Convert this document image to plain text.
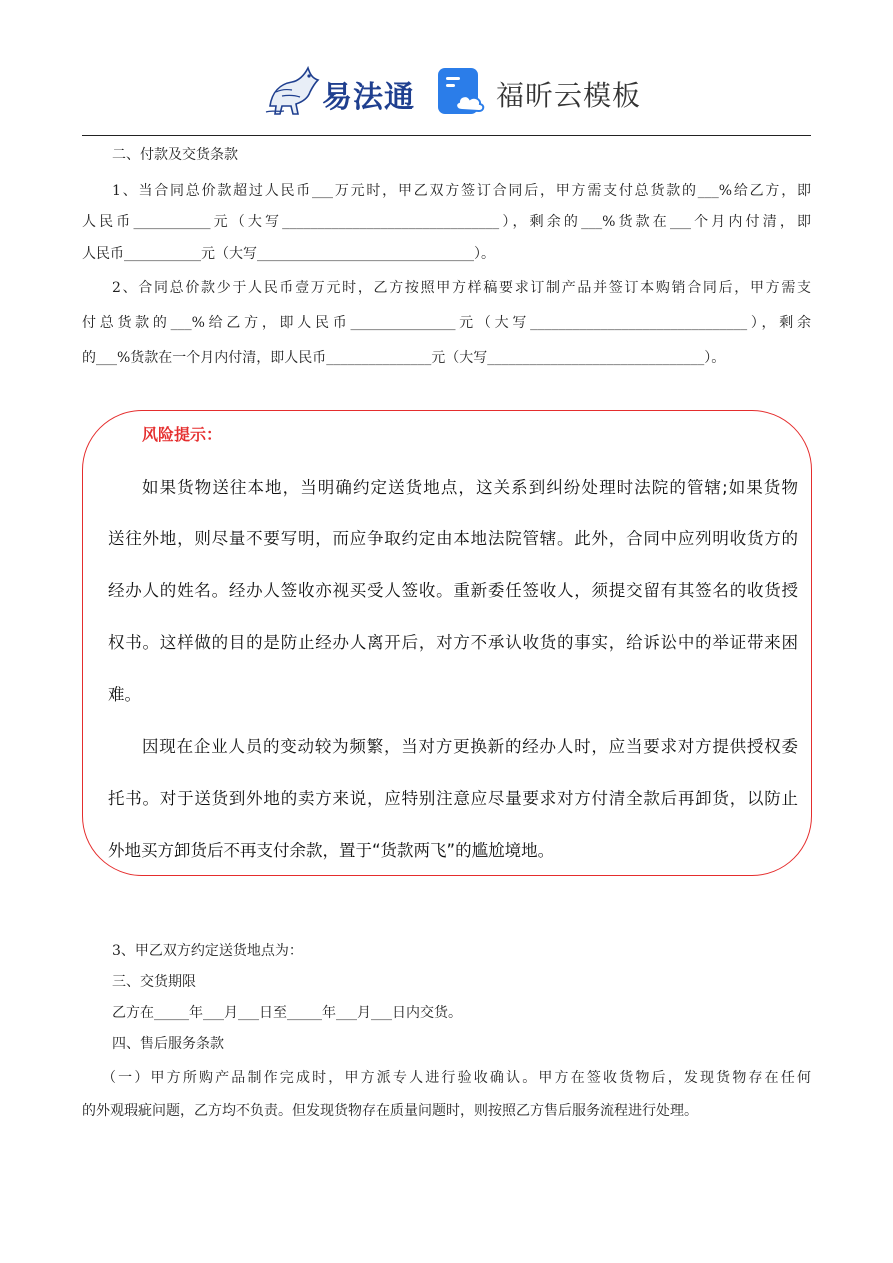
易法通	福昕云模板
二、付款及交货条款
1、当合同总价款超过人民币___万元时，甲乙双方签订合同后，甲方需支付总货款的___%给乙方，即
人民币___________元（大写_______________________________），剩余的___%货款在___个月内付清，即
人民币___________元（大写_______________________________）。
2、合同总价款少于人民币壹万元时，乙方按照甲方样稿要求订制产品并签订本购销合同后，甲方需支
付总货款的___%给乙方，即人民币_______________元（大写_______________________________），剩余
的___%货款在一个月内付清，即人民币_______________元（大写_______________________________）。
风险提示：
如果货物送往本地，当明确约定送货地点，这关系到纠纷处理时法院的管辖;如果货物
送往外地，则尽量不要写明，而应争取约定由本地法院管辖。此外，合同中应列明收货方的
经办人的姓名。经办人签收亦视买受人签收。重新委任签收人，须提交留有其签名的收货授
权书。这样做的目的是防止经办人离开后，对方不承认收货的事实，给诉讼中的举证带来困
难。
因现在企业人员的变动较为频繁，当对方更换新的经办人时，应当要求对方提供授权委
托书。对于送货到外地的卖方来说，应特别注意应尽量要求对方付清全款后再卸货，以防止
外地买方卸货后不再支付余款，置于“货款两飞”的尴尬境地。
3、甲乙双方约定送货地点为：
三、交货期限
乙方在_____年___月___日至_____年___月___日内交货。
四、售后服务条款
（一）甲方所购产品制作完成时，甲方派专人进行验收确认。甲方在签收货物后，发现货物存在任何
的外观瑕疵问题，乙方均不负责。但发现货物存在质量问题时，则按照乙方售后服务流程进行处理。
